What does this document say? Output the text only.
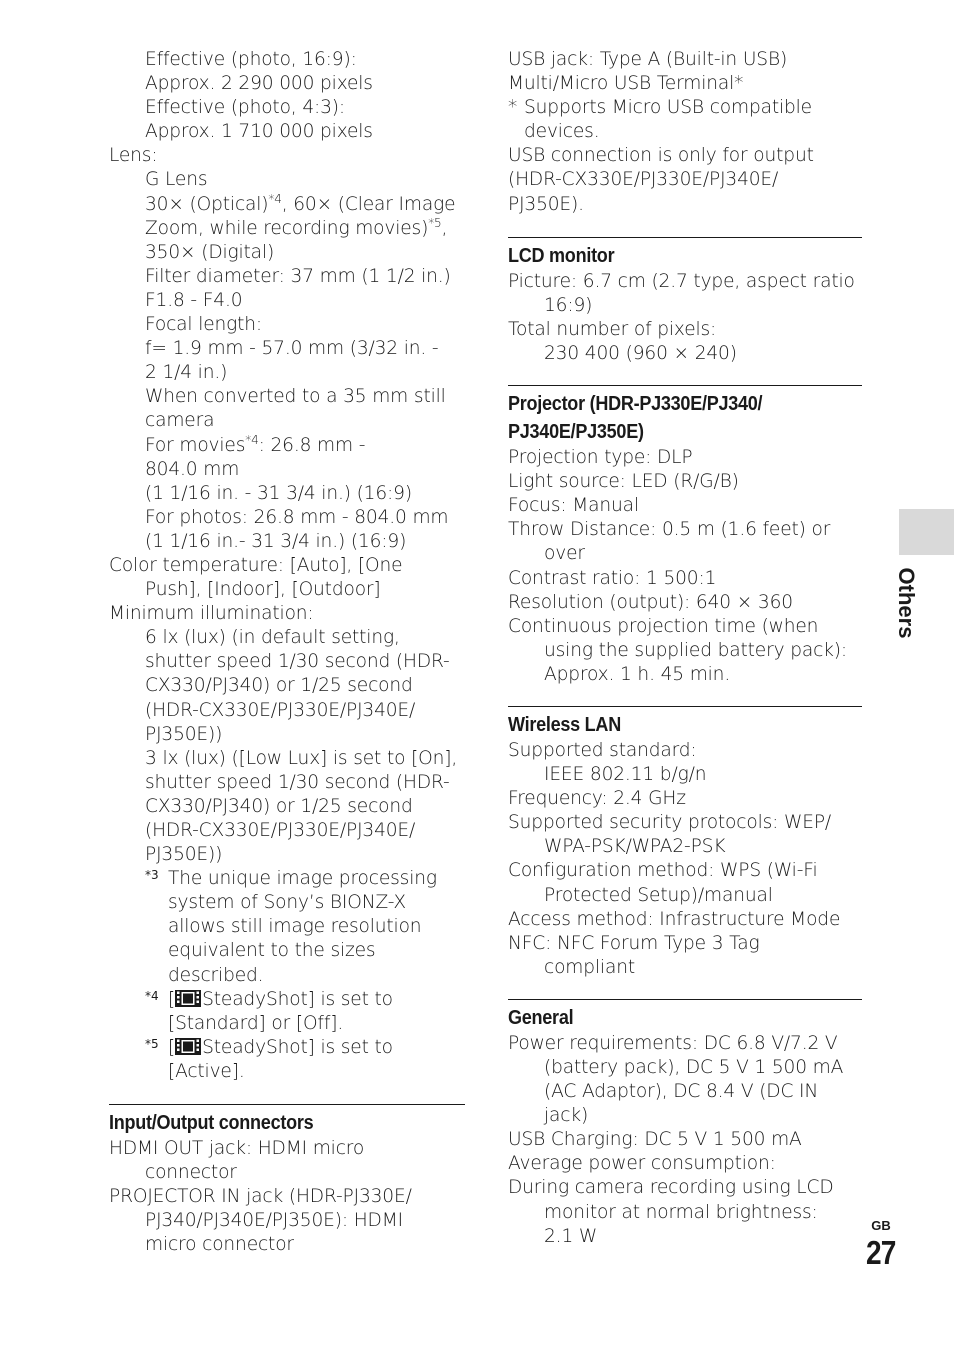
Effective (photo, 16:9):
Approx. 2 290 000 pixels
Effective (photo, 4:3):
Approx. 1 710 000 pixels
Lens:
G Lens
30× (Optical)$^{*4}$, 60× (Clear Image
Zoom, while recording movies)$^{*5}$,
350× (Digital)
Filter diameter: 37 mm (1 1/2 in.)
F1.8 - F4.0
Focal length:
f= 1.9 mm - 57.0 mm (3/32 in. -
2 1/4 in.)
When converted to a 35 mm still
camera
For movies$^{*4}$: 26.8 mm -
804.0 mm
(1 1/16 in. - 31 3/4 in.) (16:9)
For photos: 26.8 mm - 804.0 mm
(1 1/16 in.- 31 3/4 in.) (16:9)
Color temperature: [Auto], [One
Push], [Indoor], [Outdoor]
Minimum illumination:
6 lx (lux) (in default setting,
shutter speed 1/30 second (HDR-
CX330/PJ340) or 1/25 second
(HDR-CX330E/PJ330E/PJ340E/
PJ350E))
3 lx (lux) ([Low Lux] is set to [On],
shutter speed 1/30 second (HDR-
CX330/PJ340) or 1/25 second
(HDR-CX330E/PJ330E/PJ340E/
PJ350E))
*3 The unique image processing
system of Sony’s BIONZ-X
allows still image resolution
equivalent to the sizes
described.
*4 [ SteadyShot] is set to
[Standard] or [Off].
*5 [ SteadyShot] is set to
[Active].
Input/Output connectors
HDMI OUT jack: HDMI micro
connector
PROJECTOR IN jack (HDR-PJ330E/
PJ340/PJ340E/PJ350E): HDMI
micro connector
USB jack: Type A (Built-in USB)
Multi/Micro USB Terminal*
* Supports Micro USB compatible
devices.
USB connection is only for output
(HDR-CX330E/PJ330E/PJ340E/
PJ350E).
LCD monitor
Picture: 6.7 cm (2.7 type, aspect ratio
16:9)
Total number of pixels:
230 400 (960 × 240)
Projector (HDR-PJ330E/PJ340/
PJ340E/PJ350E)
Projection type: DLP
Light source: LED (R/G/B)
Focus: Manual
Throw Distance: 0.5 m (1.6 feet) or
over
Contrast ratio: 1 500:1
Resolution (output): 640 × 360
Continuous projection time (when
using the supplied battery pack):
Approx. 1 h. 45 min.
Wireless LAN
Supported standard:
IEEE 802.11 b/g/n
Frequency: 2.4 GHz
Supported security protocols: WEP/
WPA-PSK/WPA2-PSK
Configuration method: WPS (Wi-Fi
Protected Setup)/manual
Access method: Infrastructure Mode
NFC: NFC Forum Type 3 Tag
compliant
General
Power requirements: DC 6.8 V/7.2 V
(battery pack), DC 5 V 1 500 mA
(AC Adaptor), DC 8.4 V (DC IN
jack)
USB Charging: DC 5 V 1 500 mA
Average power consumption:
During camera recording using LCD
monitor at normal brightness:
2.1 W
Others
GB
27
